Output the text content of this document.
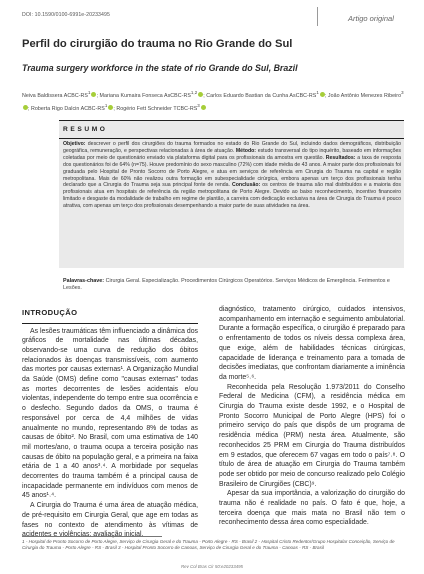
DOI: 10.1590/0100-6991e-20233495	Artigo original
Perfil do cirurgião do trauma no Rio Grande do Sul
Trauma surgery workforce in the state of rio Grande do Sul, Brazil
Neiva Baldissera ACBC-$RS^1$; Mariana Kumaira Fonseca AsCBC-RS$^{1,2}$; Carlos Eduardo Bastian da Cunha AsCBC-$RS^1$; João Antônio Menezes Ribeiro$^3$; Roberta Rigo Dalcin ACBC-$RS^1$; Rogério Fett Schneider TCBC-$RS^3$
RESUMO

Objetivo: descrever o perfil dos cirurgiões do trauma formados no estado do Rio Grande do Sul, incluindo dados demográficos, distribuição geográfica, remuneração, e perspectivas relacionadas à área de atuação. Método: estudo transversal do tipo inquérito, baseado em informações coletadas por meio de questionário enviado via plataforma digital para os profissionais da amostra em questão. Resultados: a taxa de resposta dos questionários foi de 64% (n=75). Houve predomínio do sexo masculino (72%) com idade média de 43 anos. A maior parte dos profissionais foi graduada pelo Hospital de Pronto Socorro de Porto Alegre, e atua em serviços de referência em Cirurgia do Trauma na capital e região metropolitana. Mais de 60% não realizou outra formação em subespecialidade cirúrgica, embora apenas um terço dos profissionais tenha declarado que a Cirurgia do Trauma seja sua principal fonte de renda. Conclusão: os centros de trauma são mal distribuídos e a maioria dos profissionais atua em hospitais de referência da região metropolitana de Porto Alegre. Devido ao baixo reconhecimento, incentivo financeiro limitado e desgaste da modalidade de trabalho em regime de plantão, a carreira com dedicação exclusiva na área de Cirurgia do Trauma é pouco atrativa, com apenas um terço dos profissionais desempenhando a maior parte de suas atividades na área.

Palavras-chave: Cirurgia Geral. Especialização. Procedimentos Cirúrgicos Operatórios. Serviços Médicos de Emergência. Ferimentos e Lesões.

INTRODUÇÃO

As lesões traumáticas têm influenciado a dinâmica dos gráficos de mortalidade nas últimas décadas, observando-se uma curva de redução dos óbitos relacionados às doenças transmissíveis, com aumento das mortes por causas externas¹. A Organização Mundial da Saúde (OMS) define como "causas externas" todas as mortes decorrentes de lesões acidentais e/ou violentas, independente do tempo entre sua ocorrência e o desfecho. Segundo dados da OMS, o trauma é responsável por cerca de 4,4 milhões de vidas anualmente no mundo, representando 8% de todas as causas de óbito². No Brasil, com uma estimativa de 140 mil mortes/ano, o trauma ocupa a terceira posição nas causas de óbito na população geral, e a primeira na faixa etária de 1 a 40 anos³˒⁴. A morbidade por sequelas decorrentes do trauma também é a principal causa de incapacidade permanente em indivíduos com menos de 45 anos¹˒⁴.

A Cirurgia do Trauma é uma área de atuação médica, de pré-requisito em Cirurgia Geral, que age em todas as fases no contexto de atendimento às vítimas de acidentes e violências: avaliação inicial,

diagnóstico, tratamento cirúrgico, cuidados intensivos, acompanhamento em internação e seguimento ambulatorial. Durante a formação específica, o cirurgião é preparado para o enfrentamento de todos os níveis dessa complexa área, que exige, além de habilidades técnicas cirúrgicas, capacidade de liderança e treinamento para a tomada de decisões imediatas, que confrontam diariamente a iminência da morte⁵˒⁶.

Reconhecida pela Resolução 1.973/2011 do Conselho Federal de Medicina (CFM), a residência médica em Cirurgia do Trauma existe desde 1992, e o Hospital de Pronto Socorro Municipal de Porto Alegre (HPS) foi o primeiro serviço do país que dispôs de um programa de residência médica (PRM) nesta área. Atualmente, são reconhecidos 25 PRM em Cirurgia do Trauma distribuídos em 9 estados, que oferecem 67 vagas em todo o país⁷˒⁸. O título de área de atuação em Cirurgia do Trauma também pode ser obtido por meio de concurso realizado pelo Colégio Brasileiro de Cirurgiões (CBC)⁹.

Apesar da sua importância, a valorização do cirurgião do trauma não é realidade no país. O fato é que, hoje, a terceira doença que mais mata no Brasil não tem o reconhecimento dessa área como especialidade.

1 - Hospital de Pronto Socorro de Porto Alegre, Serviço de Cirurgia Geral e do Trauma - Porto Alegre - RS - Brasil 2 - Hospital Cristo Redentor/Grupo Hospitalar Conceição, Serviço de Cirurgia do Trauma - Porto Alegre - RS - Brasil 3 - Hospital Pronto Socorro de Canoas, Serviço de Cirurgia Geral e do Trauma - Canoas - RS - Brasil

Rev Col Bras Cir 50:e20233495
